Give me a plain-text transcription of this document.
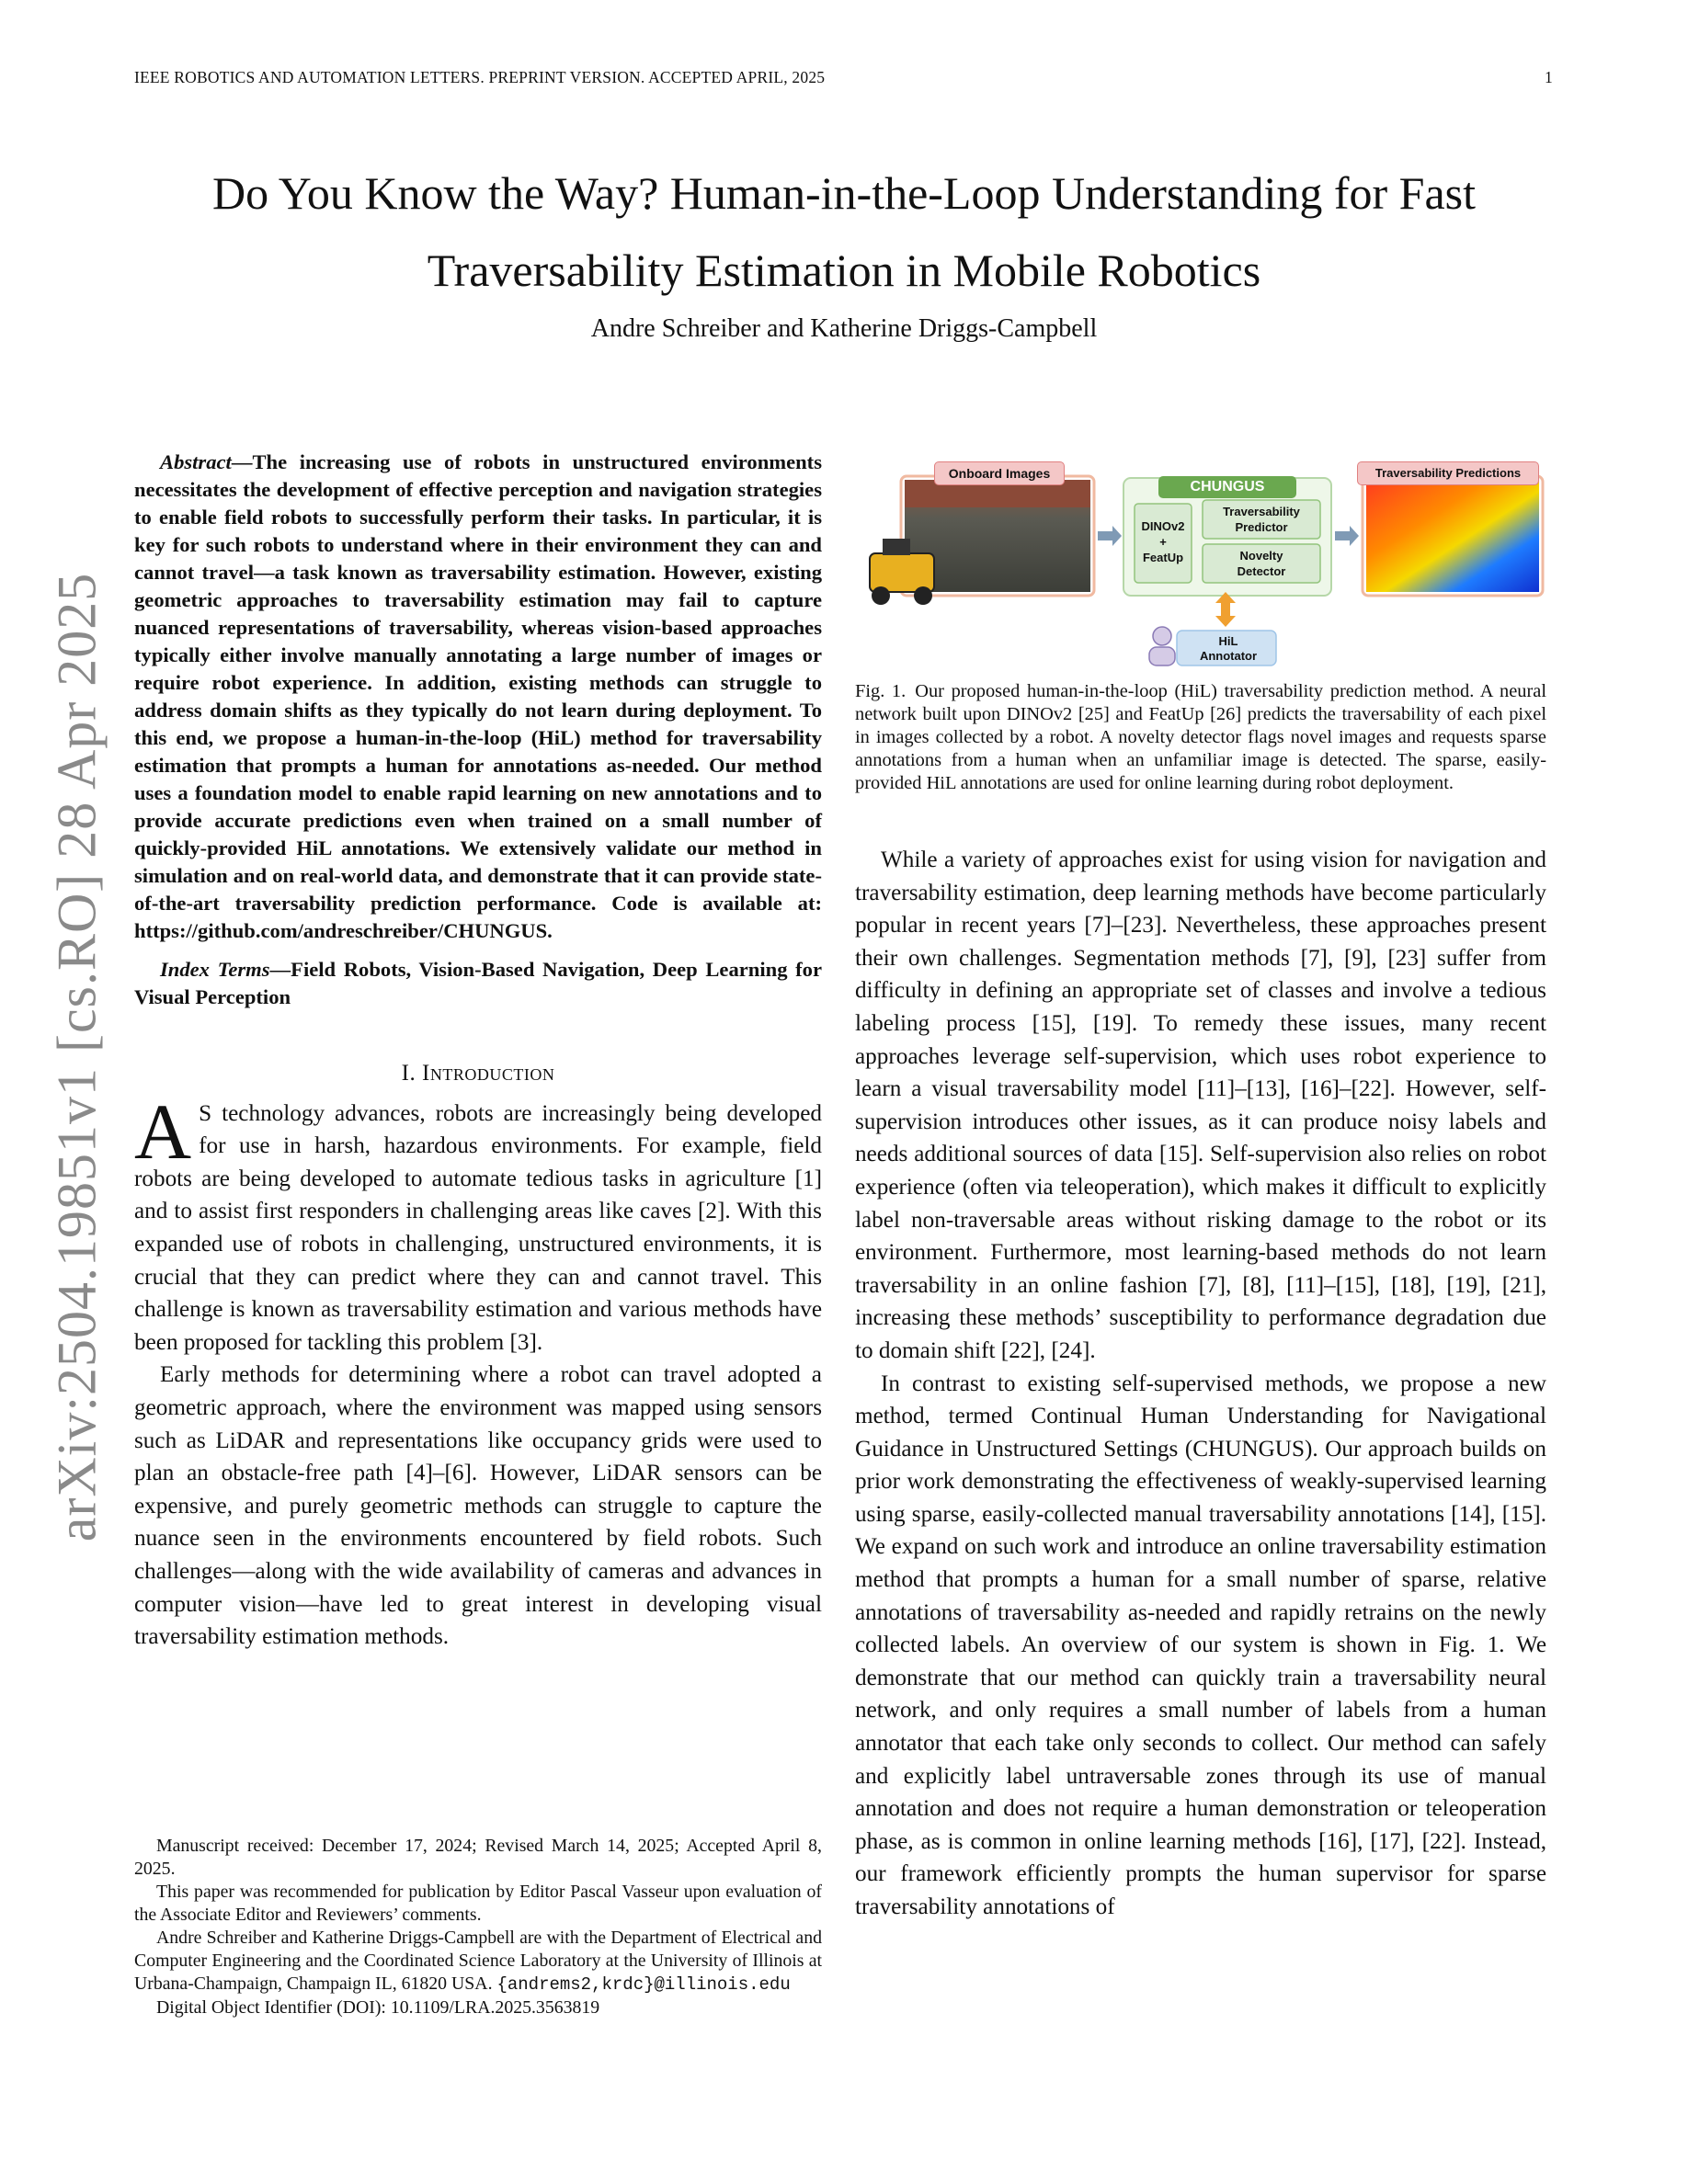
IEEE ROBOTICS AND AUTOMATION LETTERS. PREPRINT VERSION. ACCEPTED APRIL, 2025	1
arXiv:2504.19851v1 [cs.RO] 28 Apr 2025
Do You Know the Way? Human-in-the-Loop Understanding for Fast
Traversability Estimation in Mobile Robotics
Andre Schreiber and Katherine Driggs-Campbell

Abstract—The increasing use of robots in unstructured environments necessitates the development of effective perception and navigation strategies to enable field robots to successfully perform their tasks. In particular, it is key for such robots to understand where in their environment they can and cannot travel—a task known as traversability estimation. However, existing geometric approaches to traversability estimation may fail to capture nuanced representations of traversability, whereas vision-based approaches typically either involve manually annotating a large number of images or require robot experience. In addition, existing methods can struggle to address domain shifts as they typically do not learn during deployment. To this end, we propose a human-in-the-loop (HiL) method for traversability estimation that prompts a human for annotations as-needed. Our method uses a foundation model to enable rapid learning on new annotations and to provide accurate predictions even when trained on a small number of quickly-provided HiL annotations. We extensively validate our method in simulation and on real-world data, and demonstrate that it can provide state-of-the-art traversability prediction performance. Code is available at: https://github.com/andreschreiber/CHUNGUS.

Index Terms—Field Robots, Vision-Based Navigation, Deep Learning for Visual Perception

I. Introduction

A S technology advances, robots are increasingly being developed for use in harsh, hazardous environments. For example, field robots are being developed to automate tedious tasks in agriculture [1] and to assist first responders in challenging areas like caves [2]. With this expanded use of robots in challenging, unstructured environments, it is crucial that they can predict where they can and cannot travel. This challenge is known as traversability estimation and various methods have been proposed for tackling this problem [3].

Early methods for determining where a robot can travel adopted a geometric approach, where the environment was mapped using sensors such as LiDAR and representations like occupancy grids were used to plan an obstacle-free path [4]–[6]. However, LiDAR sensors can be expensive, and purely geometric methods can struggle to capture the nuance seen in the environments encountered by field robots. Such challenges—along with the wide availability of cameras and advances in computer vision—have led to great interest in developing visual traversability estimation methods.

Manuscript received: December 17, 2024; Revised March 14, 2025; Accepted April 8, 2025.

This paper was recommended for publication by Editor Pascal Vasseur upon evaluation of the Associate Editor and Reviewers’ comments.

Andre Schreiber and Katherine Driggs-Campbell are with the Department of Electrical and Computer Engineering and the Coordinated Science Laboratory at the University of Illinois at Urbana-Champaign, Champaign IL, 61820 USA. {andrems2,krdc}@illinois.edu

Digital Object Identifier (DOI): 10.1109/LRA.2025.3563819

Onboard Images
CHUNGUS
DINOv2
+
FeatUp
Traversability
Predictor
Novelty
Detector
Traversability Predictions
HiL
Annotator
Fig. 1. Our proposed human-in-the-loop (HiL) traversability prediction method. A neural network built upon DINOv2 [25] and FeatUp [26] predicts the traversability of each pixel in images collected by a robot. A novelty detector flags novel images and requests sparse annotations from a human when an unfamiliar image is detected. The sparse, easily-provided HiL annotations are used for online learning during robot deployment.

While a variety of approaches exist for using vision for navigation and traversability estimation, deep learning methods have become particularly popular in recent years [7]–[23]. Nevertheless, these approaches present their own challenges. Segmentation methods [7], [9], [23] suffer from difficulty in defining an appropriate set of classes and involve a tedious labeling process [15], [19]. To remedy these issues, many recent approaches leverage self-supervision, which uses robot experience to learn a visual traversability model [11]–[13], [16]–[22]. However, self-supervision introduces other issues, as it can produce noisy labels and needs additional sources of data [15]. Self-supervision also relies on robot experience (often via teleoperation), which makes it difficult to explicitly label non-traversable areas without risking damage to the robot or its environment. Furthermore, most learning-based methods do not learn traversability in an online fashion [7], [8], [11]–[15], [18], [19], [21], increasing these methods’ susceptibility to performance degradation due to domain shift [22], [24].

In contrast to existing self-supervised methods, we propose a new method, termed Continual Human Understanding for Navigational Guidance in Unstructured Settings (CHUNGUS). Our approach builds on prior work demonstrating the effectiveness of weakly-supervised learning using sparse, easily-collected manual traversability annotations [14], [15]. We expand on such work and introduce an online traversability estimation method that prompts a human for a small number of sparse, relative annotations of traversability as-needed and rapidly retrains on the newly collected labels. An overview of our system is shown in Fig. 1. We demonstrate that our method can quickly train a traversability neural network, and only requires a small number of labels from a human annotator that each take only seconds to collect. Our method can safely and explicitly label untraversable zones through its use of manual annotation and does not require a human demonstration or teleoperation phase, as is common in online learning methods [16], [17], [22]. Instead, our framework efficiently prompts the human supervisor for sparse traversability annotations of
